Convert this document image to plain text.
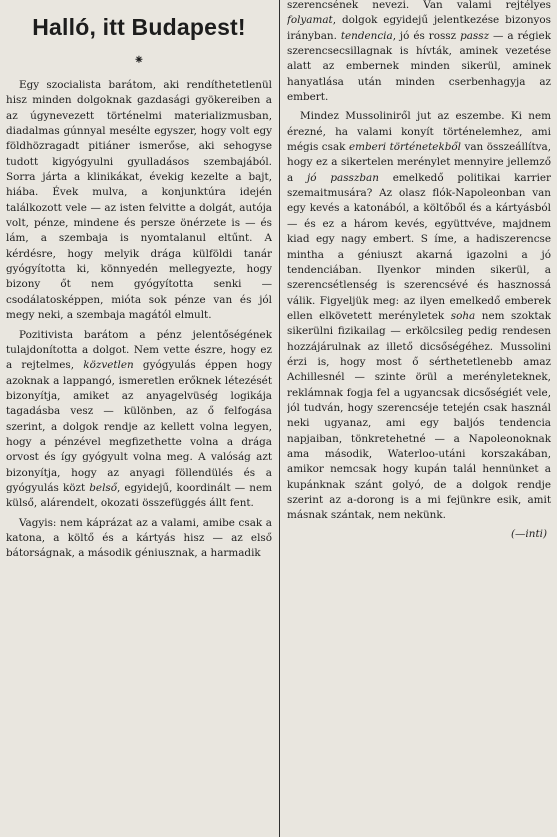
Halló, itt Budapest!
⁕

Egy szocialista barátom, aki rendíthetetlenül hisz minden dolgoknak gazdasági gyökereiben a az úgynevezett történelmi materializmusban, diadalmas gúnnyal mesélte egyszer, hogy volt egy földhözragadt pitiáner ismerőse, aki sehogyse tudott kigyógyulni gyulladásos szembajából. Sorra járta a klinikákat, évekig kezelte a bajt, hiába. Évek mulva, a konjunktúra idején találkozott vele — az isten felvitte a dolgát, autója volt, pénze, mindene és persze önérzete is — és lám, a szembaja is nyomtalanul eltűnt. A kérdésre, hogy melyik drága külföldi tanár gyógyította ki, könnyedén mellegyezte, hogy bizony őt nem gyógyította senki — csodálatosképpen, mióta sok pénze van és jól megy neki, a szembaja magától elmult.

Pozitivista barátom a pénz jelentőségének tulajdonította a dolgot. Nem vette észre, hogy ez a rejtelmes, közvetlen gyógyulás éppen hogy azoknak a lappangó, ismeretlen erőknek létezését bizonyítja, amiket az anyagelvüség logikája tagadásba vesz — különben, az ő felfogása szerint, a dolgok rendje az kellett volna legyen, hogy a pénzével megfizethette volna a drága orvost és így gyógyult volna meg. A valóság azt bizonyítja, hogy az anyagi föllendülés és a gyógyulás közt belső, egyidejű, koordinált — nem külső, alárendelt, okozati összefüggés állt fent.

Vagyis: nem káprázat az a valami, amibe csak a katona, a költő és a kártyás hisz — az első bátorságnak, a második géniusznak, a harmadik

szerencsének nevezi. Van valami rejtélyes folyamat, dolgok egyidejű jelentkezése bizonyos irányban. tendencia, jó és rossz passz — a régiek szerencsecsillagnak is hívták, aminek vezetése alatt az embernek minden sikerül, aminek hanyatlása után minden cserbenhagyja az embert.

Mindez Mussoliniről jut az eszembe. Ki nem érezné, ha valami konyít történelemhez, ami mégis csak emberi történetekből van összeállítva, hogy ez a sikertelen merénylet mennyire jellemző a jó passzban emelkedő politikai karrier szemaitmusára? Az olasz flók-Napoleonban van egy kevés a katonából, a költőből és a kártyásból — és ez a három kevés, együttvéve, majdnem kiad egy nagy embert. S íme, a hadiszerencse mintha a géniuszt akarná igazolni a jó tendenciában. Ilyenkor minden sikerül, a szerencsétlenség is szerencsévé és hasznossá válik. Figyeljük meg: az ilyen emelkedő emberek ellen elkövetett merényletek soha nem szoktak sikerülni fizikailag — erkölcsileg pedig rendesen hozzájárulnak az illető dicsőségéhez. Mussolini érzi is, hogy most ő sérthetetlenebb amaz Achillesnél — szinte örül a merényleteknek, reklámnak fogja fel a ugyancsak dicsőségiét vele, jól tudván, hogy szerencséje tetején csak használ neki ugyanaz, ami egy baljós tendencia napjaiban, tönkretehetné — a Napoleonoknak ama második, Waterloo-utáni korszakában, amikor nemcsak hogy kupán talál hennünket a kupánknak szánt golyó, de a dolgok rendje szerint az a-dorong is a mi fejünkre esik, amit másnak szántak, nem nekünk.

(—inti)
